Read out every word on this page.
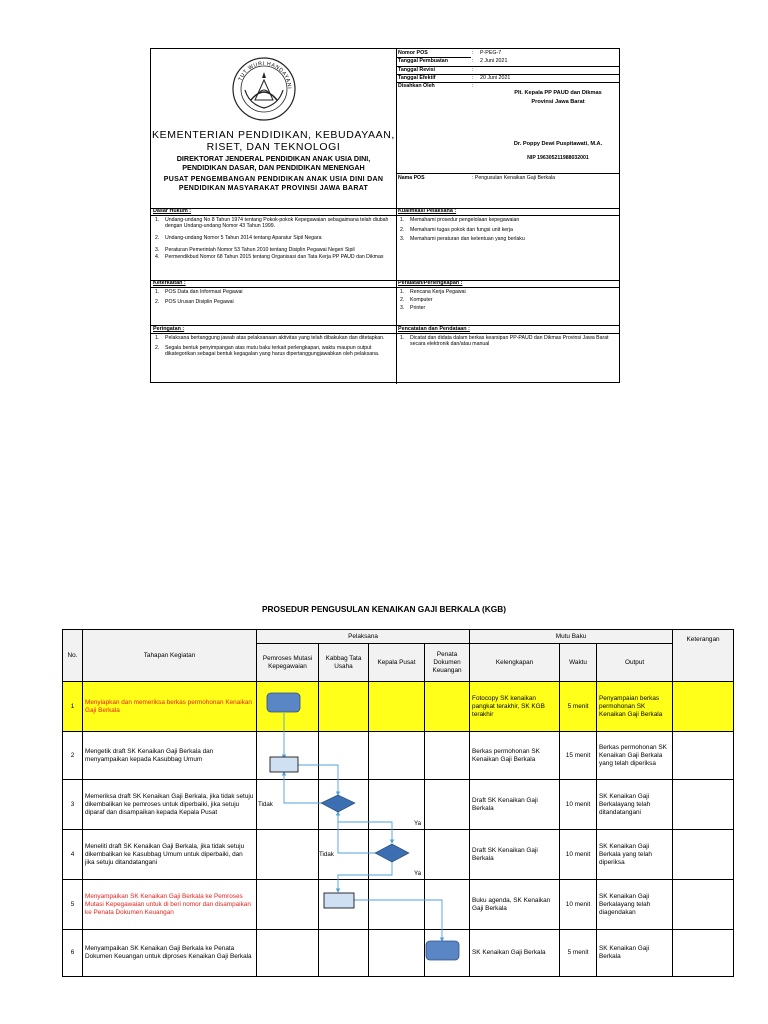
TUT WURI HANDAYANI
KEMENTERIAN PENDIDIKAN, KEBUDAYAAN,
RISET, DAN TEKNOLOGI
DIREKTORAT JENDERAL PENDIDIKAN ANAK USIA DINI,
PENDIDIKAN DASAR, DAN PENDIDIKAN MENENGAH
PUSAT PENGEMBANGAN PENDIDIKAN ANAK USIA DINI DAN
PENDIDIKAN MASYARAKAT PROVINSI JAWA BARAT
Nomor POS	: P-PEG-7
Tanggal Pembuatan	: 2 Juni 2021
Tanggal Revisi	:
Tanggal Efektif	: 20 Juni 2021
Disahkan Oleh	:
Plt. Kepala PP PAUD dan Dikmas
Provinsi Jawa Barat
Dr. Poppy Dewi Puspitawati, M.A.
NIP 196305211988032001
Nama POS	: Pengusulan Kenaikan Gaji Berkala
Dasar Hukum :
1. Undang-undang No 8 Tahun 1974 tentang Pokok-pokok Kepegawaian sebagaimana telah diubah dengan Undang-undang Nomor 43 Tahun 1999.
2. Undang-undang Nomor 5 Tahun 2014 tentang Aparatur Sipil Negara
3. Peraturan Pemerintah Nomor 53 Tahun 2010 tentang Disiplin Pegawai Negeri Sipil
4. Permendikbud Nomor 68 Tahun 2015 tentang Organisasi dan Tata Kerja PP PAUD dan Dikmas
Kualifikasi Pelaksana :
1. Memahami prosedur pengelolaan kepegawaian
2. Memahami tugas pokok dan fungsi unit kerja
3. Memahami peraturan dan ketentuan yang berlaku
Keterkaitan :
1. POS Data dan Informasi Pegawai
2. POS Urusan Disiplin Pegawai
Peralatan/Perlengkapan :
1. Rencana Kerja Pegawai
2. Komputer
3. Printer
Peringatan :
1. Pelaksana bertanggung jawab atas pelaksanaan aktivitas yang telah dibakukan dan ditetapkan.
2. Segala bentuk penyimpangan atas mutu baku terkait perlengkapan, waktu maupun output dikategorikan sebagai bentuk kegagalan yang harus dipertanggungjawabkan oleh pelaksana.
Pencatatan dan Pendataan :
1. Dicatat dan didata dalam berkas kearsipan PP-PAUD dan Dikmas Provinsi Jawa Barat secara elektronik dan/atau manual
PROSEDUR PENGUSULAN KENAIKAN GAJI BERKALA (KGB)
No.	Tahapan Kegiatan	Pelaksana				Mutu Baku			Keterangan
		Pemroses Mutasi Kepegawaian	Kabbag Tata Usaha	Kepala Pusat	Penata Dokumen Keuangan	Kelengkapan	Waktu	Output	
1	Menyiapkan dan memeriksa berkas permohonan Kenaikan Gaji Berkala					Fotocopy SK kenaikan pangkat terakhir, SK KGB terakhir	5 menit	Penyampaian berkas permohonan SK Kenaikan Gaji Berkala	
2	Mengetik draft SK Kenaikan Gaji Berkala dan menyampaikan kepada Kasubbag Umum					Berkas permohonan SK Kenaikan Gaji Berkala	15 menit	Berkas permohonan SK Kenaikan Gaji Berkala yang telah diperiksa	
3	Memeriksa draft SK Kenaikan Gaji Berkala, jika tidak setuju dikembalikan ke pemroses untuk diperbaiki, jika setuju diparaf dan disampaikan kepada Kepala Pusat					Draft SK Kenaikan Gaji Berkala	10 menit	SK Kenaikan Gaji Berkalayang telah ditandatangani	
4	Meneliti draft SK Kenaikan Gaji Berkala, jika tidak setuju dikembalikan ke Kasubbag Umum untuk diperbaiki, dan jika setuju ditandatangani					Draft SK Kenaikan Gaji Berkala	10 menit	SK Kenaikan Gaji Berkala yang telah diperiksa	
5	Menyampaikan SK Kenaikan Gaji Berkala ke Pemroses Mutasi Kepegawaian untuk di beri nomor dan disampaikan ke Penata Dokumen Keuangan					Buku agenda, SK Kenaikan Gaji Berkala	10 menit	SK Kenaikan Gaji Berkalayang telah diagendakan	
6	Menyampaikan SK Kenaikan Gaji Berkala ke Penata Dokumen Keuangan untuk diproses Kenaikan Gaji Berkala					SK Kenaikan Gaji Berkala	5 menit	SK Kenaikan Gaji Berkala	
Tidak
Ya
Tidak
Ya
